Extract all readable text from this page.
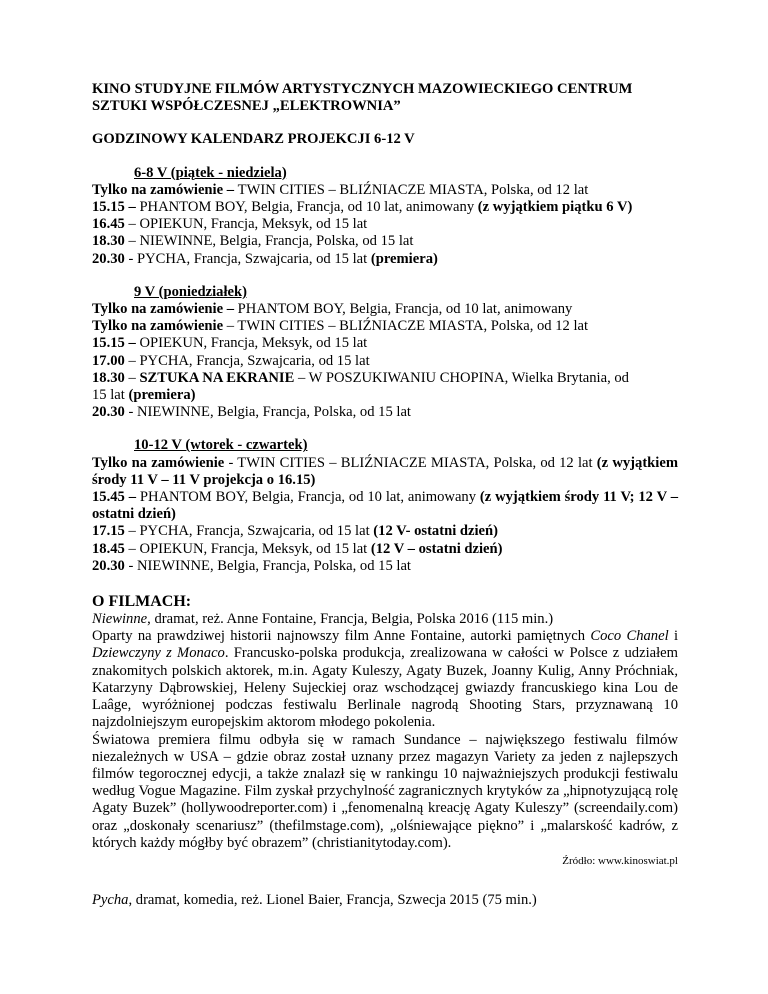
KINO STUDYJNE FILMÓW ARTYSTYCZNYCH MAZOWIECKIEGO CENTRUM
SZTUKI WSPÓŁCZESNEJ „ELEKTROWNIA”
GODZINOWY KALENDARZ PROJEKCJI 6-12 V
6-8 V (piątek - niedziela)
Tylko na zamówienie – TWIN CITIES – BLIŹNIACZE MIASTA, Polska, od 12 lat
15.15 – PHANTOM BOY, Belgia, Francja, od 10 lat, animowany (z wyjątkiem piątku 6 V)
16.45 – OPIEKUN, Francja, Meksyk, od 15 lat
18.30 – NIEWINNE, Belgia, Francja, Polska, od 15 lat
20.30 - PYCHA, Francja, Szwajcaria, od 15 lat (premiera)
9 V (poniedziałek)
Tylko na zamówienie – PHANTOM BOY, Belgia, Francja, od 10 lat, animowany
Tylko na zamówienie – TWIN CITIES – BLIŹNIACZE MIASTA, Polska, od 12 lat
15.15 – OPIEKUN, Francja, Meksyk, od 15 lat
17.00 – PYCHA, Francja, Szwajcaria, od 15 lat
18.30 – SZTUKA NA EKRANIE – W POSZUKIWANIU CHOPINA, Wielka Brytania, od
15 lat (premiera)
20.30 - NIEWINNE, Belgia, Francja, Polska, od 15 lat
10-12 V (wtorek - czwartek)
Tylko na zamówienie - TWIN CITIES – BLIŹNIACZE MIASTA, Polska, od 12 lat (z wyjątkiem środy 11 V – 11 V projekcja o 16.15)
15.45 – PHANTOM BOY, Belgia, Francja, od 10 lat, animowany (z wyjątkiem środy 11 V; 12 V – ostatni dzień)
17.15 – PYCHA, Francja, Szwajcaria, od 15 lat (12 V- ostatni dzień)
18.45 – OPIEKUN, Francja, Meksyk, od 15 lat (12 V – ostatni dzień)
20.30 - NIEWINNE, Belgia, Francja, Polska, od 15 lat
O FILMACH:
Niewinne, dramat, reż. Anne Fontaine, Francja, Belgia, Polska 2016 (115 min.)
Oparty na prawdziwej historii najnowszy film Anne Fontaine, autorki pamiętnych Coco Chanel i Dziewczyny z Monaco. Francusko-polska produkcja, zrealizowana w całości w Polsce z udziałem znakomitych polskich aktorek, m.in. Agaty Kuleszy, Agaty Buzek, Joanny Kulig, Anny Próchniak, Katarzyny Dąbrowskiej, Heleny Sujeckiej oraz wschodzącej gwiazdy francuskiego kina Lou de Laâge, wyróżnionej podczas festiwalu Berlinale nagrodą Shooting Stars, przyznawaną 10 najzdolniejszym europejskim aktorom młodego pokolenia.
Światowa premiera filmu odbyła się w ramach Sundance – największego festiwalu filmów niezależnych w USA – gdzie obraz został uznany przez magazyn Variety za jeden z najlepszych filmów tegorocznej edycji, a także znalazł się w rankingu 10 najważniejszych produkcji festiwalu według Vogue Magazine. Film zyskał przychylność zagranicznych krytyków za „hipnotyzującą rolę Agaty Buzek” (hollywoodreporter.com) i „fenomenalną kreację Agaty Kuleszy” (screendaily.com) oraz „doskonały scenariusz” (thefilmstage.com), „olśniewające piękno” i „malarskość kadrów, z których każdy mógłby być obrazem” (christianitytoday.com).
Źródło: www.kinoswiat.pl
Pycha, dramat, komedia, reż. Lionel Baier, Francja, Szwecja 2015 (75 min.)
